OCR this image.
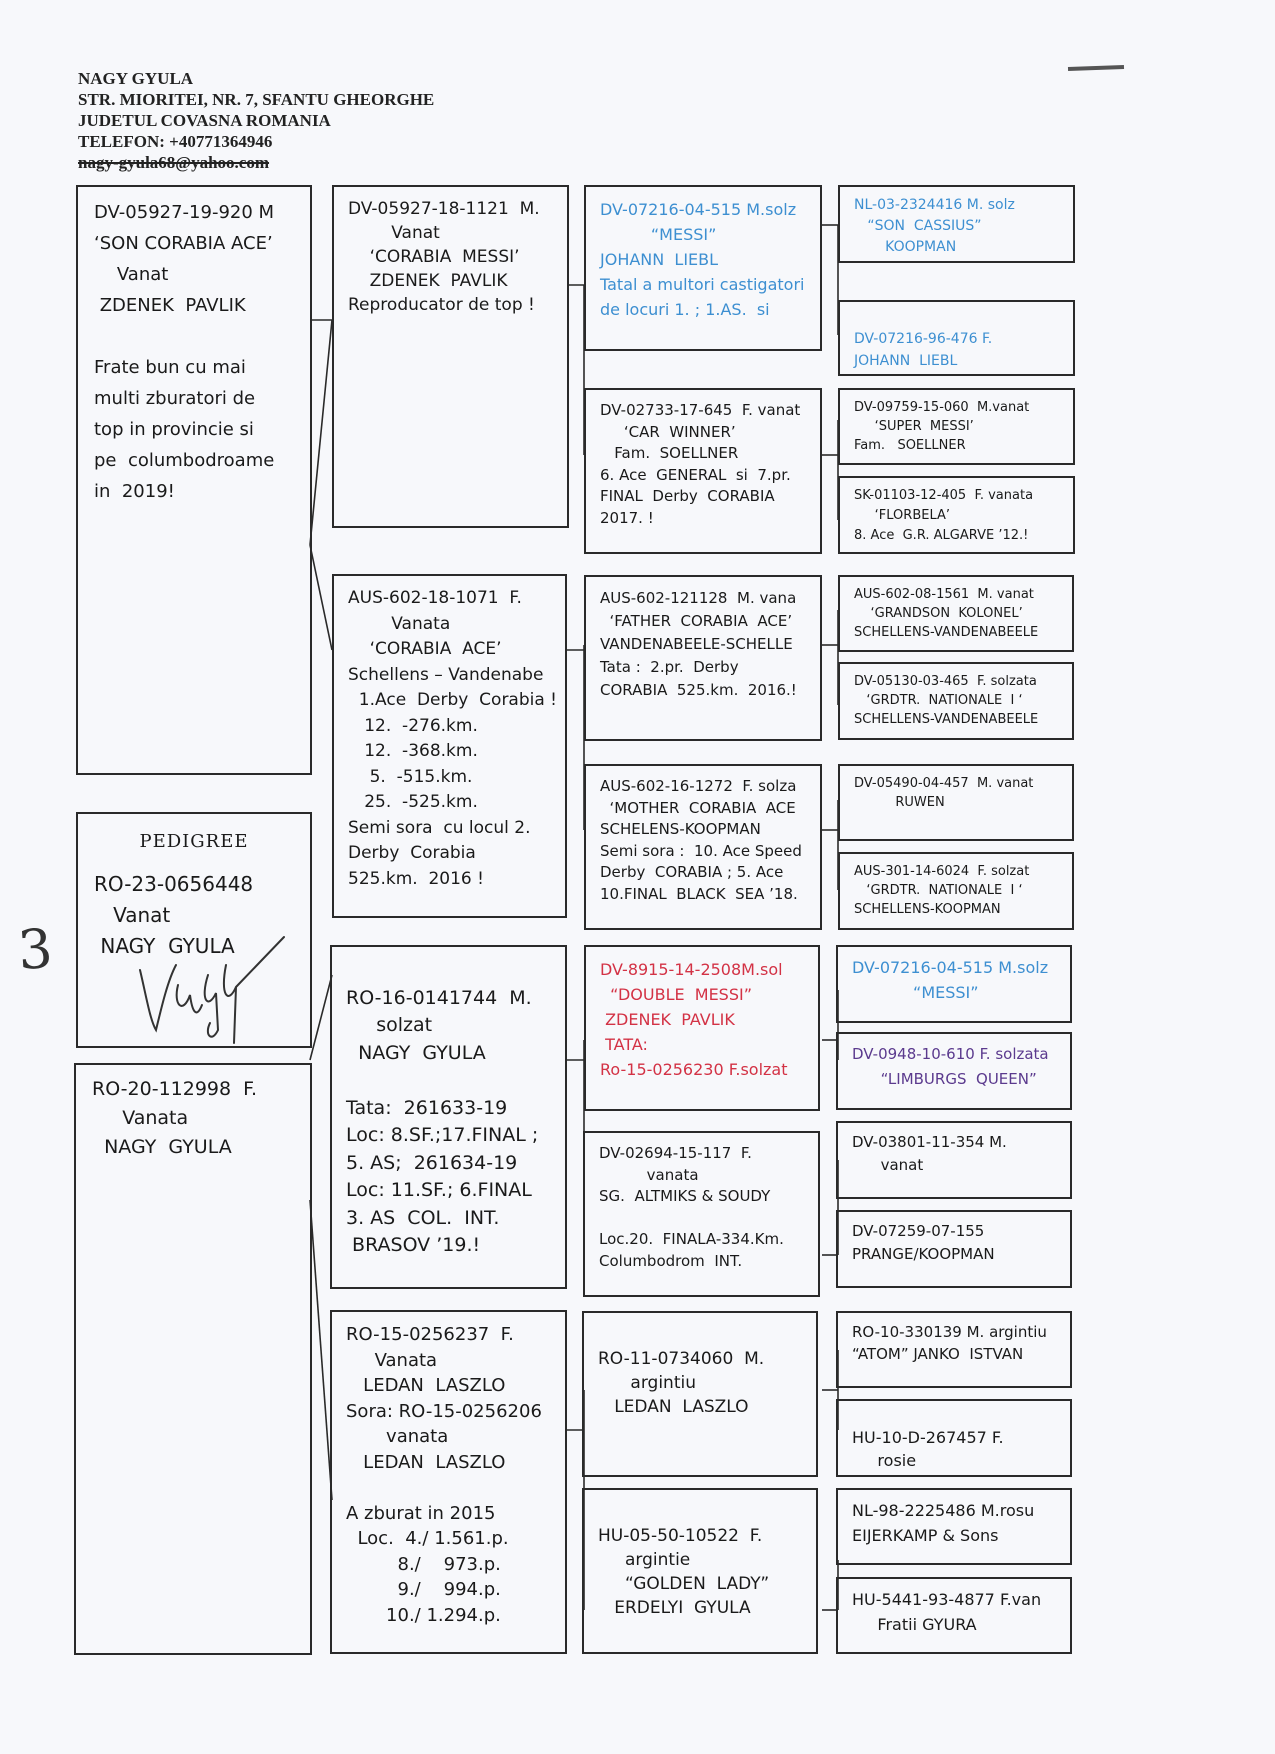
NAGY GYULA
STR. MIORITEI, NR. 7, SFANTU GHEORGHE
JUDETUL COVASNA ROMANIA
TELEFON: +40771364946
nagy-gyula68@yahoo.com
DV-05927-19-920 M
‘SON CORABIA ACE’
Vanat
ZDENEK  PAVLIK

Frate bun cu mai
multi zburatori de
top in provincie si
pe  columbodroame
in  2019!
PEDIGREE
RO-23-0656448
Vanat
NAGY  GYULA
RO-20-112998  F.
Vanata
NAGY  GYULA
DV-05927-18-1121  M.
Vanat
‘CORABIA  MESSI’
ZDENEK  PAVLIK
Reproducator de top !
AUS-602-18-1071  F.
Vanata
‘CORABIA  ACE’
Schellens – Vandenabe
1.Ace  Derby  Corabia !
12.  -276.km.
12.  -368.km.
5.  -515.km.
25.  -525.km.
Semi sora  cu locul 2.
Derby  Corabia
525.km.  2016 !

RO-16-0141744  M.
solzat
NAGY  GYULA

Tata:  261633-19
Loc: 8.SF.;17.FINAL ;
5. AS;  261634-19
Loc: 11.SF.; 6.FINAL
3. AS  COL.  INT.
BRASOV ’19.!
RO-15-0256237  F.
Vanata
LEDAN  LASZLO
Sora: RO-15-0256206
vanata
LEDAN  LASZLO

A zburat in 2015
Loc.  4./ 1.561.p.
8./    973.p.
9./    994.p.
10./ 1.294.p.
DV-07216-04-515 M.solz
“MESSI”
JOHANN  LIEBL
Tatal a multori castigatori
de locuri 1. ; 1.AS.  si
DV-02733-17-645  F. vanat
‘CAR  WINNER’
Fam.  SOELLNER
6. Ace  GENERAL  si  7.pr.
FINAL  Derby  CORABIA
2017. !
AUS-602-121128  M. vana
‘FATHER  CORABIA  ACE’
VANDENABEELE-SCHELLE
Tata :  2.pr.  Derby
CORABIA  525.km.  2016.!
AUS-602-16-1272  F. solza
‘MOTHER  CORABIA  ACE
SCHELENS-KOOPMAN
Semi sora :  10. Ace Speed
Derby  CORABIA ; 5. Ace
10.FINAL  BLACK  SEA ’18.
DV-8915-14-2508M.sol
“DOUBLE  MESSI”
ZDENEK  PAVLIK
TATA:
Ro-15-0256230 F.solzat
DV-02694-15-117  F.
vanata
SG.  ALTMIKS & SOUDY

Loc.20.  FINALA-334.Km.
Columbodrom  INT.

RO-11-0734060  M.
argintiu
LEDAN  LASZLO

HU-05-50-10522  F.
argintie
“GOLDEN  LADY”
ERDELYI  GYULA
NL-03-2324416 M. solz
“SON  CASSIUS”
KOOPMAN

DV-07216-96-476 F.
JOHANN  LIEBL
DV-09759-15-060  M.vanat
‘SUPER  MESSI’
Fam.   SOELLNER
SK-01103-12-405  F. vanata
‘FLORBELA’
8. Ace  G.R. ALGARVE ’12.!
AUS-602-08-1561  M. vanat
‘GRANDSON  KOLONEL’
SCHELLENS-VANDENABEELE
DV-05130-03-465  F. solzata
‘GRDTR.  NATIONALE  I ‘
SCHELLENS-VANDENABEELE
DV-05490-04-457  M. vanat
RUWEN
AUS-301-14-6024  F. solzat
‘GRDTR.  NATIONALE  I ‘
SCHELLENS-KOOPMAN
DV-07216-04-515 M.solz
“MESSI”
DV-0948-10-610 F. solzata
“LIMBURGS  QUEEN”
DV-03801-11-354 M.
vanat
DV-07259-07-155
PRANGE/KOOPMAN
RO-10-330139 M. argintiu
“ATOM” JANKO  ISTVAN

HU-10-D-267457 F.
rosie
NL-98-2225486 M.rosu
EIJERKAMP & Sons
HU-5441-93-4877 F.van
Fratii GYURA
3
